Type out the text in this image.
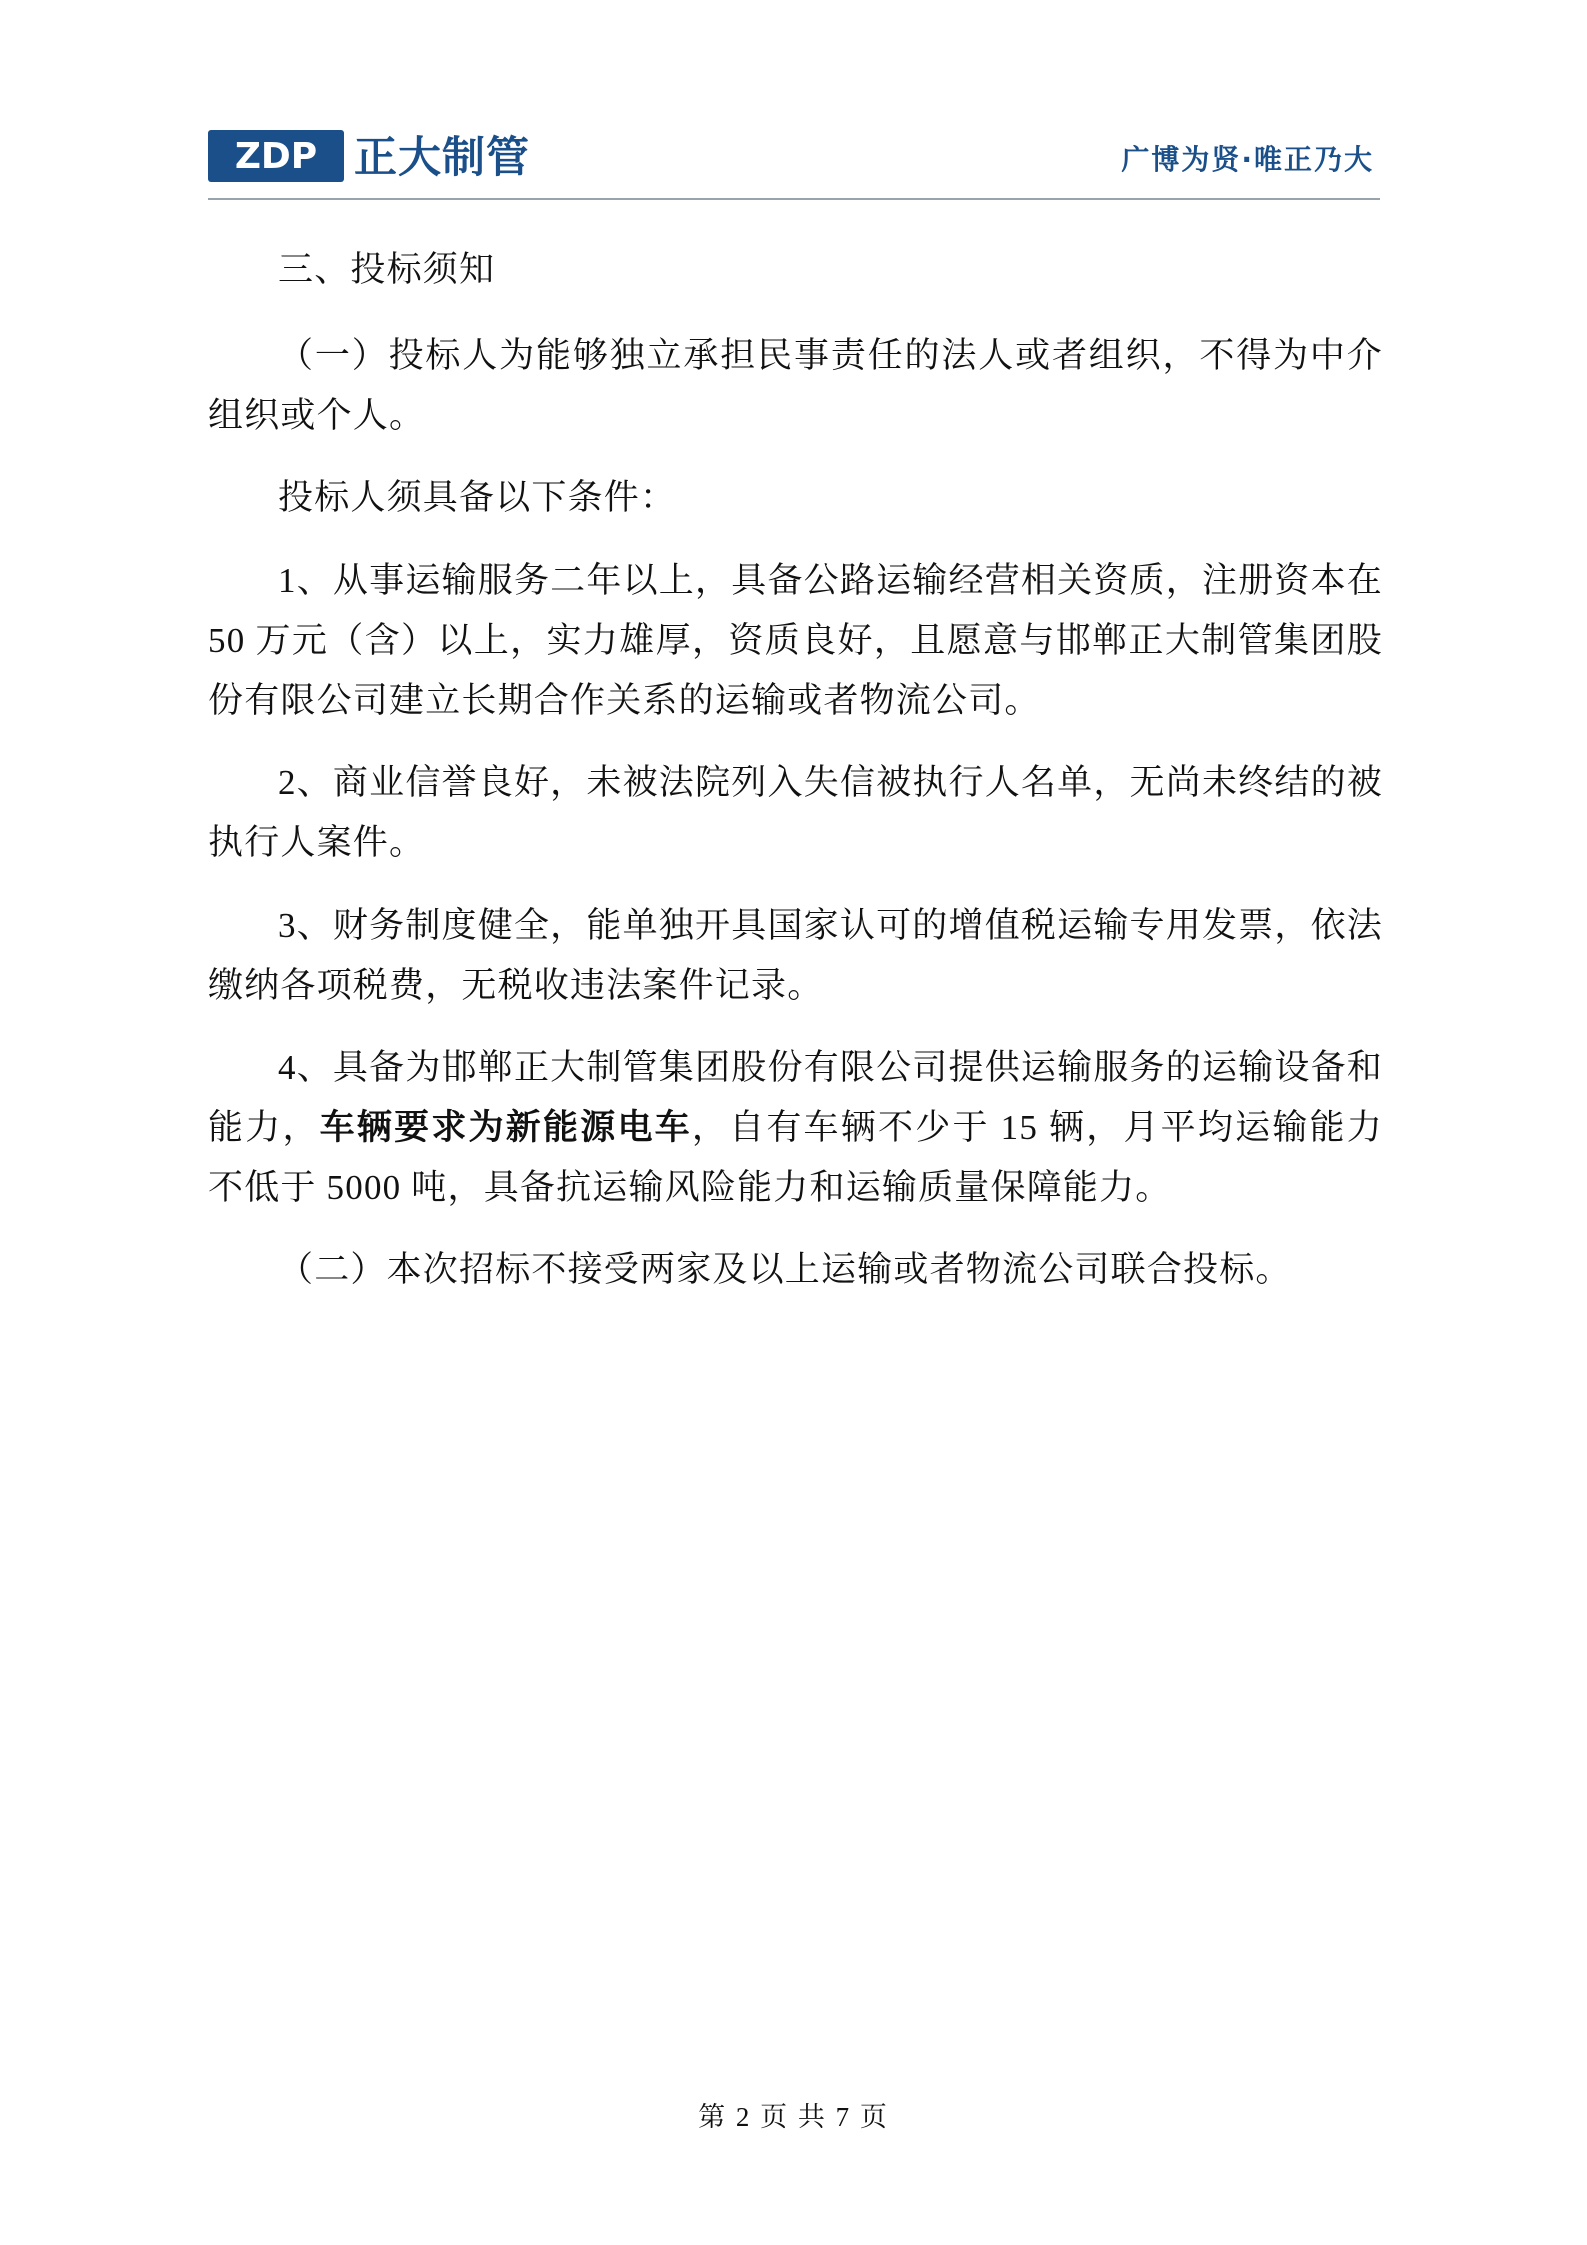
ZDP 正大制管	广博为贤·唯正乃大
三、投标须知

（一）投标人为能够独立承担民事责任的法人或者组织，不得为中介组织或个人。

投标人须具备以下条件：

1、从事运输服务二年以上，具备公路运输经营相关资质，注册资本在 50 万元（含）以上，实力雄厚，资质良好，且愿意与邯郸正大制管集团股份有限公司建立长期合作关系的运输或者物流公司。

2、商业信誉良好，未被法院列入失信被执行人名单，无尚未终结的被执行人案件。

3、财务制度健全，能单独开具国家认可的增值税运输专用发票，依法缴纳各项税费，无税收违法案件记录。

4、具备为邯郸正大制管集团股份有限公司提供运输服务的运输设备和能力，车辆要求为新能源电车，自有车辆不少于 15 辆，月平均运输能力不低于 5000 吨，具备抗运输风险能力和运输质量保障能力。

（二）本次招标不接受两家及以上运输或者物流公司联合投标。

第 2 页 共 7 页
